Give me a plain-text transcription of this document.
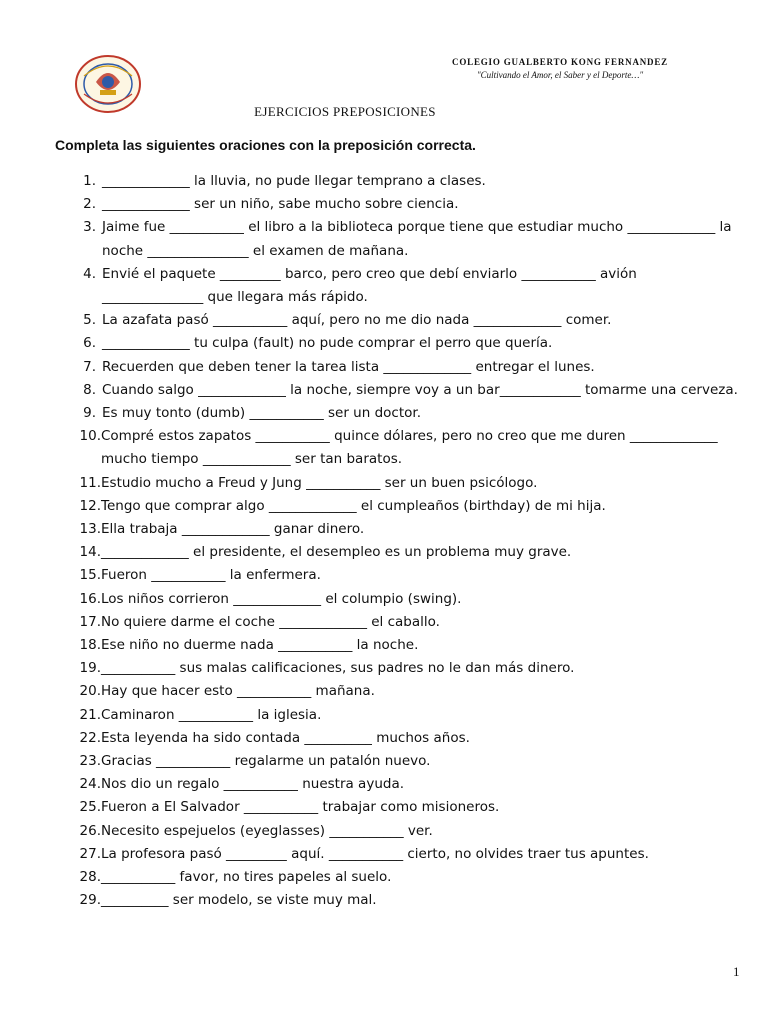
COLEGIO GUALBERTO KONG FERNANDEZ
"Cultivando el Amor, el Saber y el Deporte…"
EJERCICIOS PREPOSICIONES
Completa las siguientes oraciones con la preposición correcta.
1. _____________ la lluvia, no pude llegar temprano a clases.
2. _____________ ser un niño, sabe mucho sobre ciencia.
3. Jaime fue ___________ el libro a la biblioteca porque tiene que estudiar mucho _____________ la noche _______________ el examen de mañana.
4. Envié el paquete _________ barco, pero creo que debí enviarlo ___________ avión _______________ que llegara más rápido.
5. La azafata pasó ___________ aquí, pero no me dio nada _____________ comer.
6. _____________ tu culpa (fault) no pude comprar el perro que quería.
7. Recuerden que deben tener la tarea lista _____________ entregar el lunes.
8. Cuando salgo _____________ la noche, siempre voy a un bar____________ tomarme una cerveza.
9. Es muy tonto (dumb) ___________ ser un doctor.
10. Compré estos zapatos ___________ quince dólares, pero no creo que me duren _____________ mucho tiempo _____________ ser tan baratos.
11. Estudio mucho a Freud y Jung ___________ ser un buen psicólogo.
12. Tengo que comprar algo _____________ el cumpleaños (birthday) de mi hija.
13. Ella trabaja _____________ ganar dinero.
14. _____________ el presidente, el desempleo es un problema muy grave.
15. Fueron ___________ la enfermera.
16. Los niños corrieron _____________ el columpio (swing).
17. No quiere darme el coche _____________ el caballo.
18. Ese niño no duerme nada ___________ la noche.
19. ___________ sus malas calificaciones, sus padres no le dan más dinero.
20. Hay que hacer esto ___________ mañana.
21. Caminaron ___________ la iglesia.
22. Esta leyenda ha sido contada __________ muchos años.
23. Gracias ___________ regalarme un patalón nuevo.
24. Nos dio un regalo ___________ nuestra ayuda.
25. Fueron a El Salvador ___________ trabajar como misioneros.
26. Necesito espejuelos (eyeglasses) ___________ ver.
27. La profesora pasó _________ aquí. ___________ cierto, no olvides traer tus apuntes.
28. ___________ favor, no tires papeles al suelo.
29. __________ ser modelo, se viste muy mal.
1
